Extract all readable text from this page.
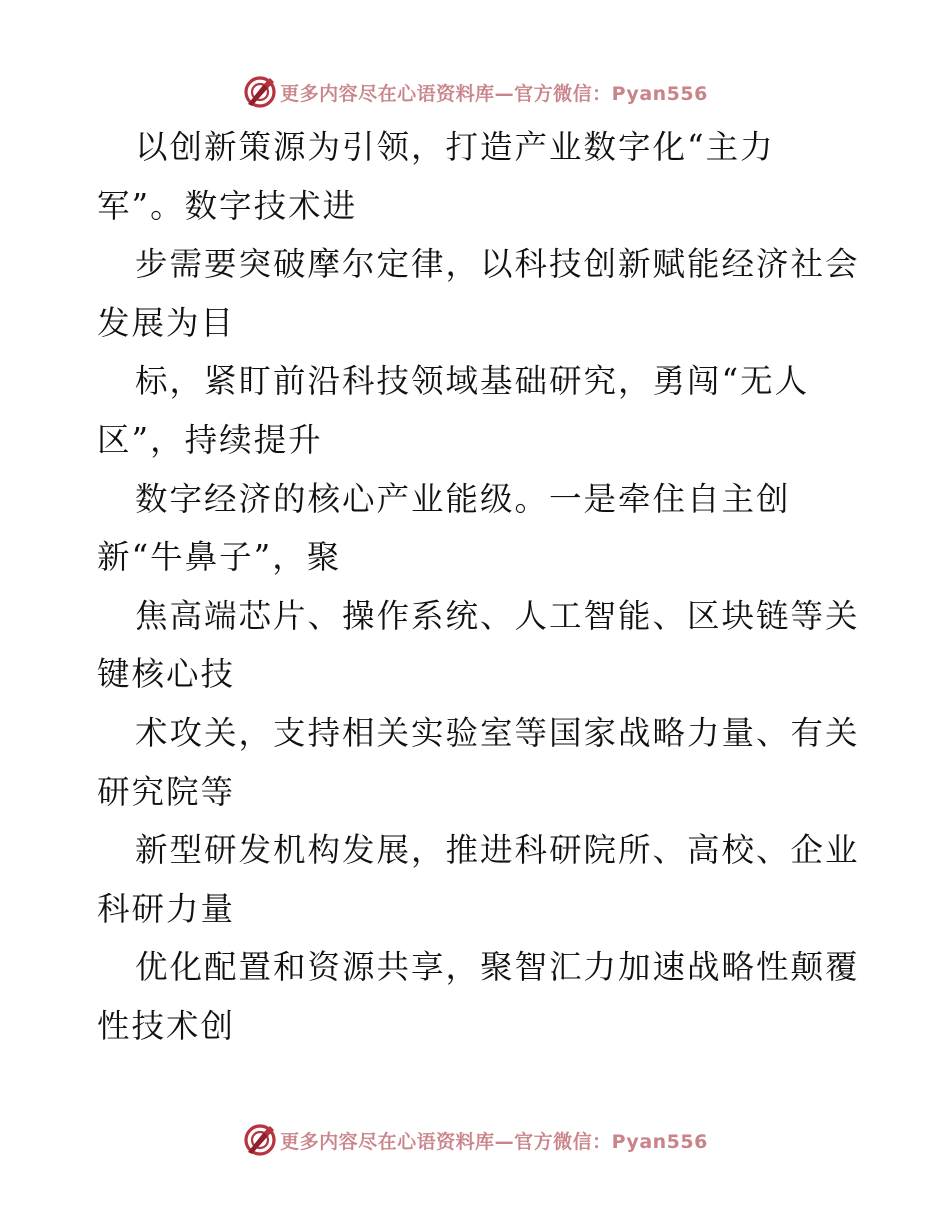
更多内容尽在心语资料库—官方微信：Pyan556
以创新策源为引领，打造产业数字化“主力
军”。数字技术进
步需要突破摩尔定律，以科技创新赋能经济社会
发展为目
标，紧盯前沿科技领域基础研究，勇闯“无人
区”，持续提升
数字经济的核心产业能级。一是牵住自主创
新“牛鼻子”，聚
焦高端芯片、操作系统、人工智能、区块链等关
键核心技
术攻关，支持相关实验室等国家战略力量、有关
研究院等
新型研发机构发展，推进科研院所、高校、企业
科研力量
优化配置和资源共享，聚智汇力加速战略性颠覆
性技术创
更多内容尽在心语资料库—官方微信：Pyan556
